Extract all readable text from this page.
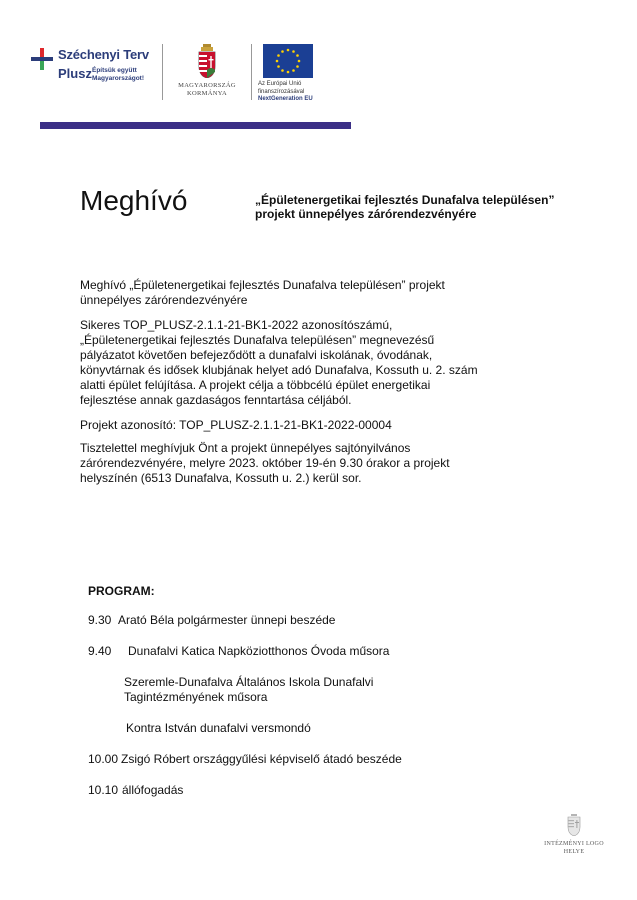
Széchenyi Terv
Plusz Építsük együtt Magyarországot!
MAGYARORSZÁG KORMÁNYA
Az Európai Unió finanszírozásával
NextGeneration EU
Meghívó	„Épületenergetikai fejlesztés Dunafalva településen” projekt ünnepélyes zárórendezvényére

Meghívó „Épületenergetikai fejlesztés Dunafalva településen” projekt ünnepélyes zárórendezvényére

Sikeres TOP_PLUSZ-2.1.1-21-BK1-2022 azonosítószámú, „Épületenergetikai fejlesztés Dunafalva településen” megnevezésű pályázatot követően befejeződött a dunafalvi iskolának, óvodának, könyvtárnak és idősek klubjának helyet adó Dunafalva, Kossuth u. 2. szám alatti épület felújítása. A projekt célja a többcélú épület energetikai fejlesztése annak gazdaságos fenntartása céljából.

Projekt azonosító: TOP_PLUSZ-2.1.1-21-BK1-2022-00004

Tisztelettel meghívjuk Önt a projekt ünnepélyes sajtónyilvános zárórendezvényére, melyre 2023. október 19-én 9.30 órakor a projekt helyszínén (6513 Dunafalva, Kossuth u. 2.) kerül sor.

PROGRAM:
9.30 Arató Béla polgármester ünnepi beszéde
9.40 Dunafalvi Katica Napköziotthonos Óvoda műsora
Szeremle-Dunafalva Általános Iskola Dunafalvi Tagintézményének műsora
Kontra István dunafalvi versmondó
10.00 Zsigó Róbert országgyűlési képviselő átadó beszéde
10.10 állófogadás
INTÉZMÉNYI LOGO HELYE
